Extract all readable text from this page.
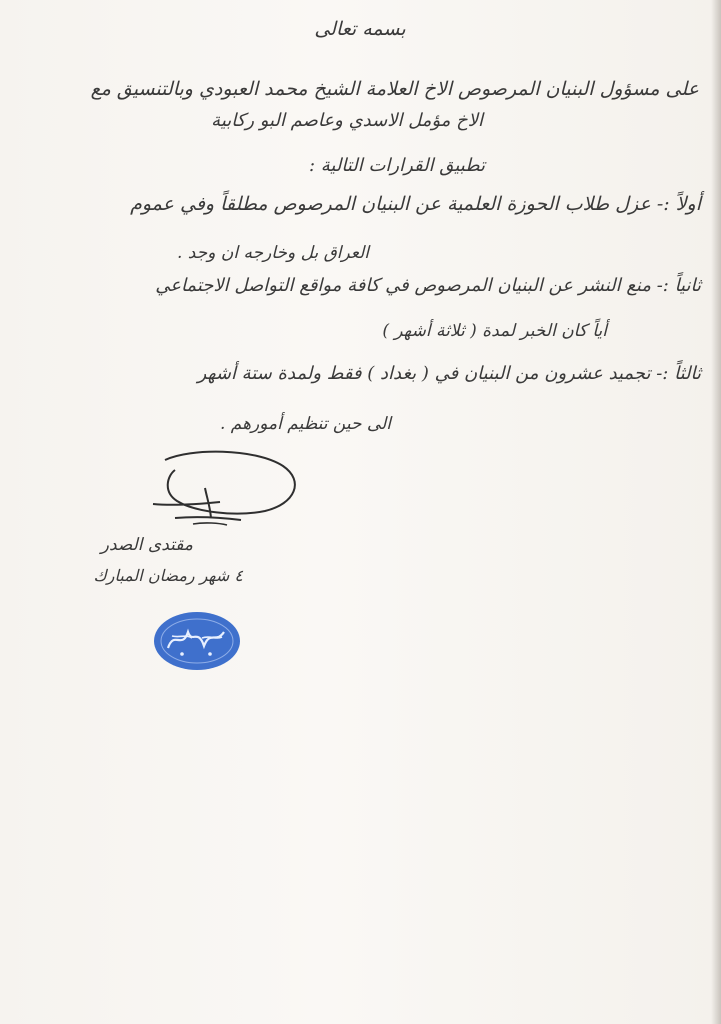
بسمه تعالى
على مسؤول البنيان المرصوص الاخ العلامة الشيخ محمد العبودي وبالتنسيق مع
الاخ مؤمل الاسدي وعاصم البو ركابية
تطبيق القرارات التالية :
أولاً :- عزل طلاب الحوزة العلمية عن البنيان المرصوص مطلقاً وفي عموم
العراق بل وخارجه ان وجد .
ثانياً :- منع النشر عن البنيان المرصوص في كافة مواقع التواصل الاجتماعي
أياً كان الخبر لمدة ( ثلاثة أشهر )
ثالثاً :- تجميد عشرون من البنيان في ( بغداد ) فقط ولمدة ستة أشهر
الى حين تنظيم أمورهم .
مقتدى الصدر
٤ شهر رمضان المبارك
